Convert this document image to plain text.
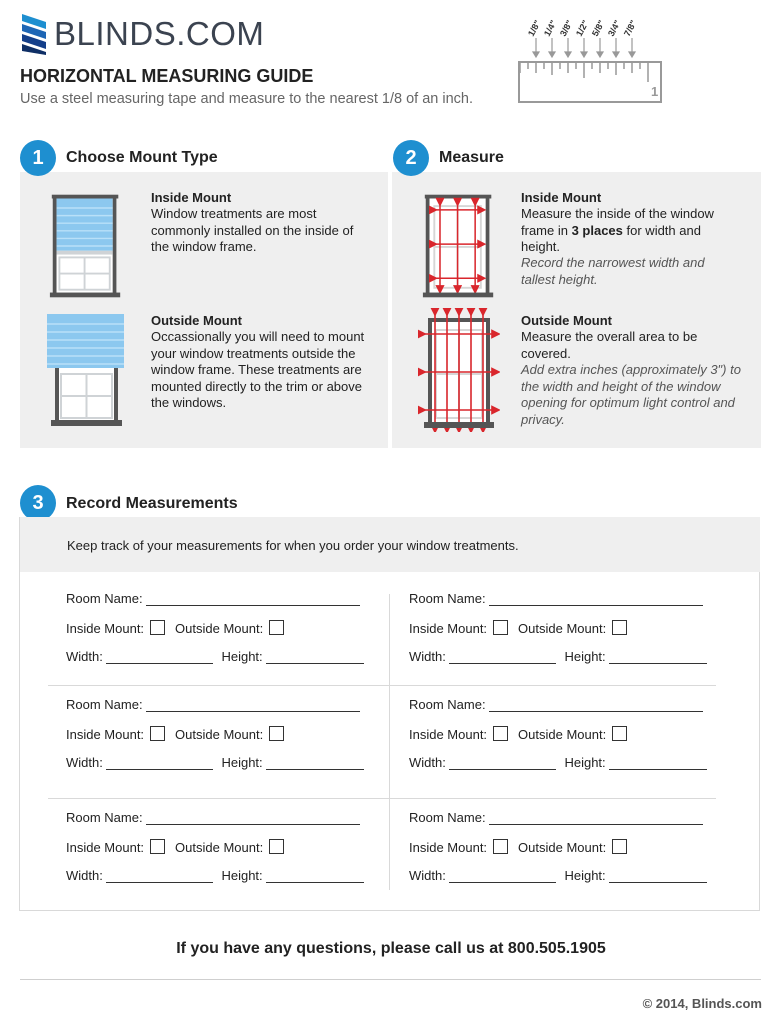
BLINDS.COM
HORIZONTAL MEASURING GUIDE
Use a steel measuring tape and measure to the nearest 1/8 of an inch.
1/8" 1/4" 3/8" 1/2" 5/8" 3/4" 7/8"
1
1	Choose Mount Type
Inside Mount
Window treatments are most commonly installed on the inside of the window frame.
Outside Mount
Occassionally you will need to mount your window treatments outside the window frame. These treatments are mounted directly to the trim or above the windows.
2	Measure
Inside Mount
Measure the inside of the window frame in 3 places for width and height.
Record the narrowest width and tallest height.
Outside Mount
Measure the overall area to be covered.
Add extra inches (approximately 3") to the width and height of the window opening for optimum light control and privacy.
3	Record Measurements
Keep track of your measurements for when you order your window treatments.
Room Name:
Inside Mount: Outside Mount:
Width:	Height:
Room Name:
Inside Mount: Outside Mount:
Width:	Height:
Room Name:
Inside Mount: Outside Mount:
Width:	Height:
Room Name:
Inside Mount: Outside Mount:
Width:	Height:
Room Name:
Inside Mount: Outside Mount:
Width:	Height:
Room Name:
Inside Mount: Outside Mount:
Width:	Height:
If you have any questions, please call us at 800.505.1905
© 2014, Blinds.com
